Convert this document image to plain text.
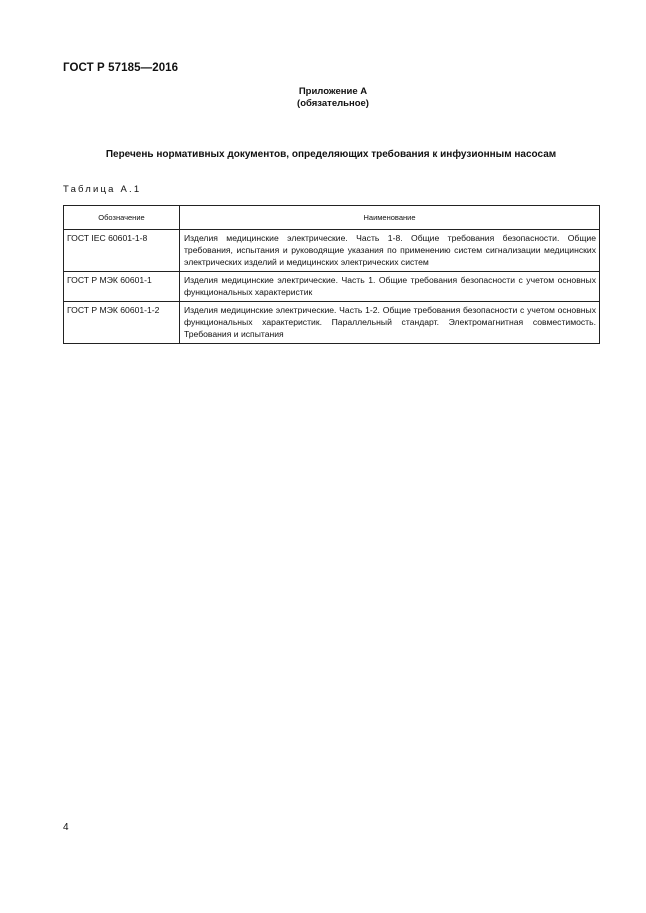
ГОСТ Р 57185—2016
Приложение А
(обязательное)
Перечень нормативных документов, определяющих требования к инфузионным насосам
Таблица А.1
Обозначение	Наименование
ГОСТ IEC 60601-1-8	Изделия медицинские электрические. Часть 1-8. Общие требования безопасности. Общие требования, испытания и руководящие указания по применению систем сигнализации медицинских электрических изделий и медицинских электрических систем
ГОСТ Р МЭК 60601-1	Изделия медицинские электрические. Часть 1. Общие требования безопасности с учетом основных функциональных характеристик
ГОСТ Р МЭК 60601-1-2	Изделия медицинские электрические. Часть 1-2. Общие требования безопасности с учетом основных функциональных характеристик. Параллельный стандарт. Электромагнитная совместимость. Требования и испытания
4
